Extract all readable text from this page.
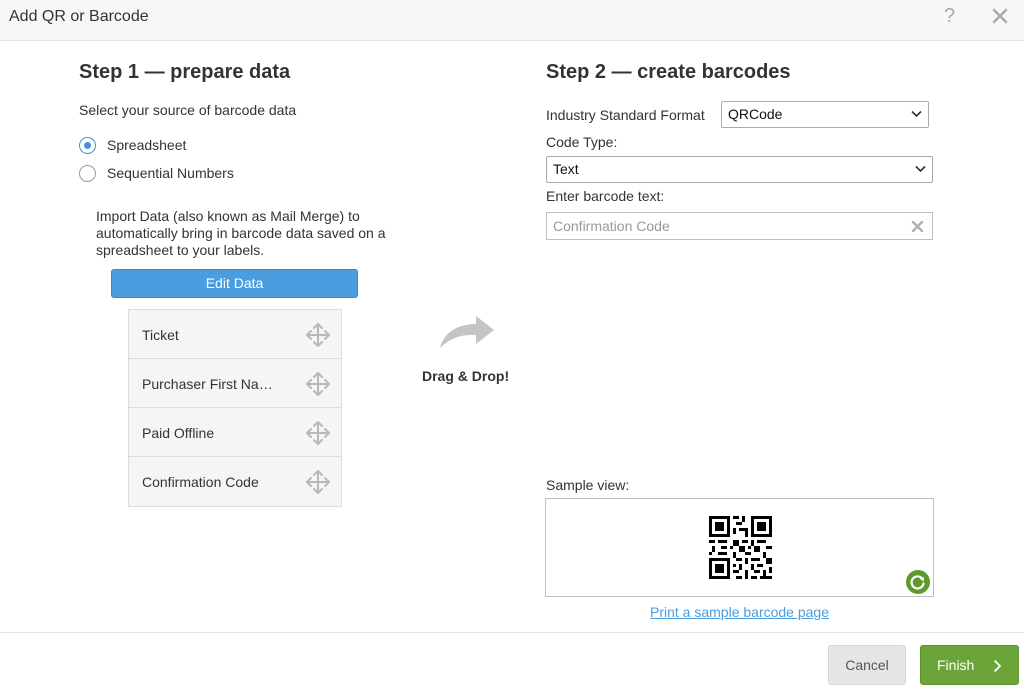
Add QR or Barcode	?
Step 1 — prepare data
Select your source of barcode data
Spreadsheet
Sequential Numbers
Import Data (also known as Mail Merge) to automatically bring in barcode data saved on a spreadsheet to your labels.
Edit Data
Ticket
Purchaser First Na…
Paid Offline
Confirmation Code
Drag & Drop!
Step 2 — create barcodes
Industry Standard Format	QRCode
Code Type:
Text
Enter barcode text:
Confirmation Code
Sample view:
Print a sample barcode page
Cancel	Finish
